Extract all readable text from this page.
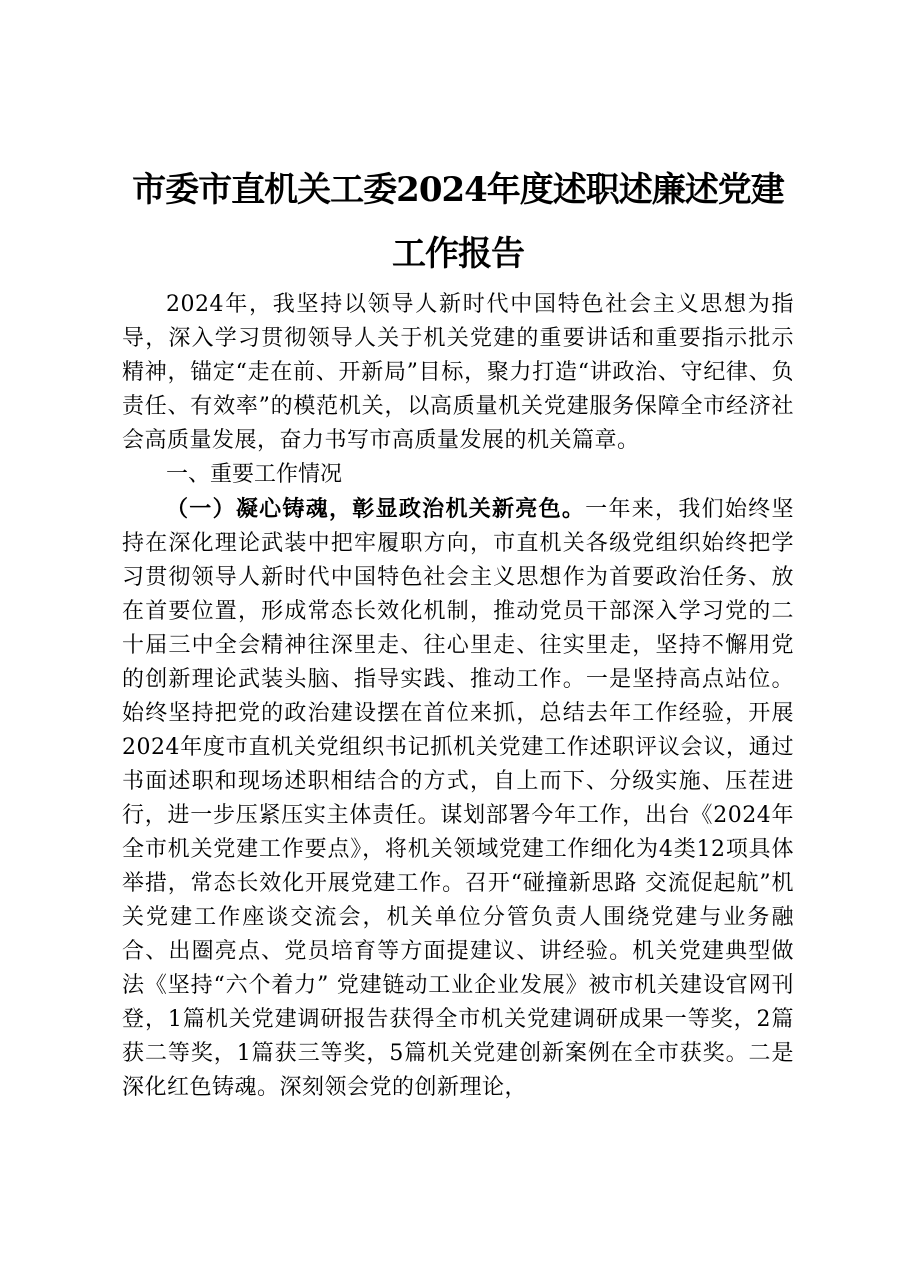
市委市直机关工委2024年度述职述廉述党建
工作报告

2024年，我坚持以领导人新时代中国特色社会主义思想为指导，深入学习贯彻领导人关于机关党建的重要讲话和重要指示批示精神，锚定“走在前、开新局”目标，聚力打造“讲政治、守纪律、负责任、有效率”的模范机关，以高质量机关党建服务保障全市经济社会高质量发展，奋力书写市高质量发展的机关篇章。

一、重要工作情况

（一）凝心铸魂，彰显政治机关新亮色。一年来，我们始终坚持在深化理论武装中把牢履职方向，市直机关各级党组织始终把学习贯彻领导人新时代中国特色社会主义思想作为首要政治任务、放在首要位置，形成常态长效化机制，推动党员干部深入学习党的二十届三中全会精神往深里走、往心里走、往实里走，坚持不懈用党的创新理论武装头脑、指导实践、推动工作。一是坚持高点站位。始终坚持把党的政治建设摆在首位来抓，总结去年工作经验，开展2024年度市直机关党组织书记抓机关党建工作述职评议会议，通过书面述职和现场述职相结合的方式，自上而下、分级实施、压茬进行，进一步压紧压实主体责任。谋划部署今年工作，出台《2024年全市机关党建工作要点》，将机关领域党建工作细化为4类12项具体举措，常态长效化开展党建工作。召开“碰撞新思路 交流促起航”机关党建工作座谈交流会，机关单位分管负责人围绕党建与业务融合、出圈亮点、党员培育等方面提建议、讲经验。机关党建典型做法《坚持“六个着力” 党建链动工业企业发展》被市机关建设官网刊登，1篇机关党建调研报告获得全市机关党建调研成果一等奖，2篇获二等奖，1篇获三等奖，5篇机关党建创新案例在全市获奖。二是深化红色铸魂。深刻领会党的创新理论，
